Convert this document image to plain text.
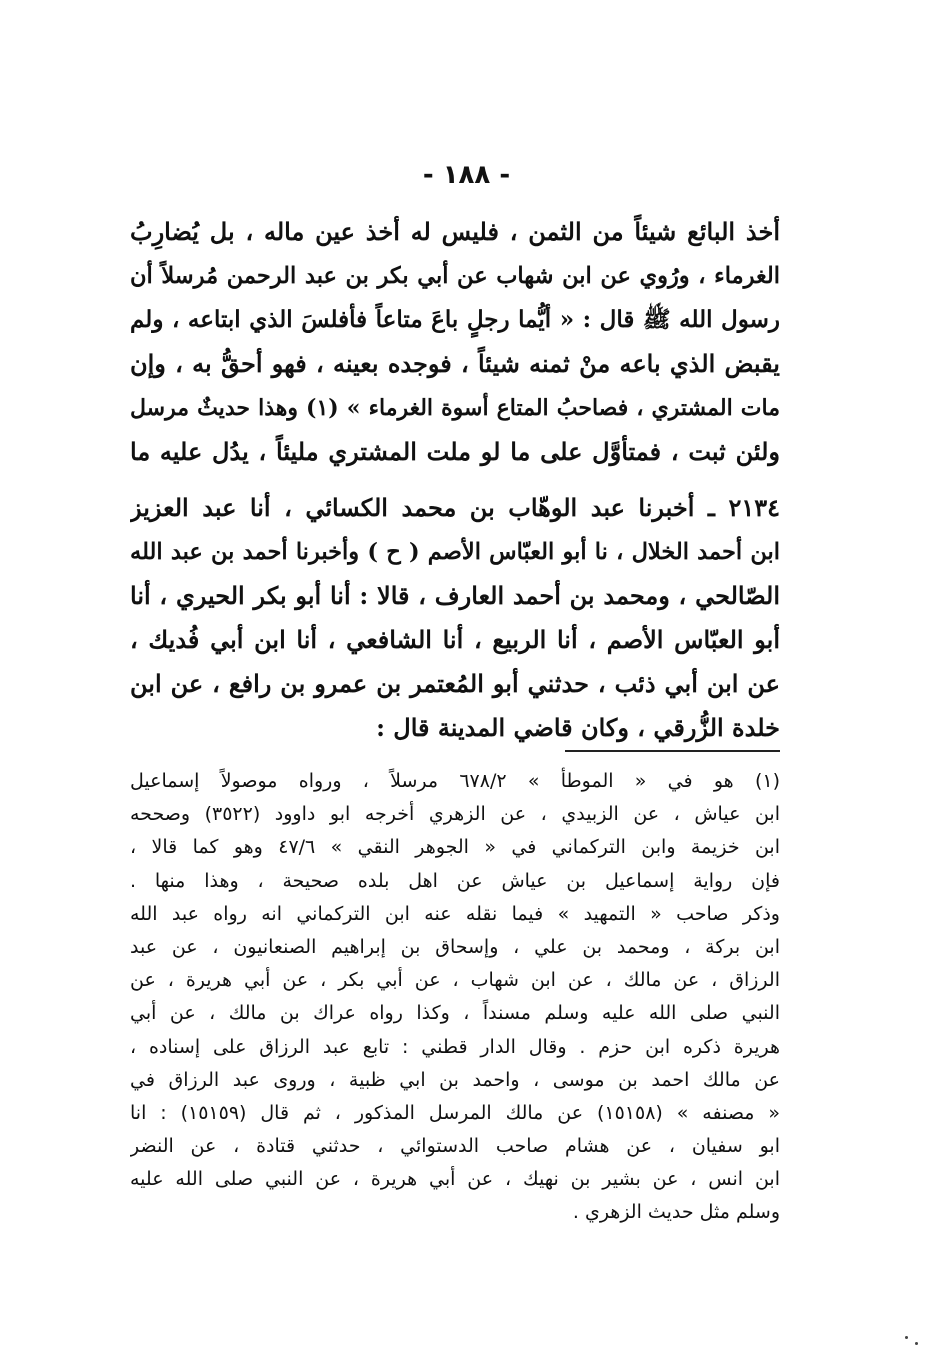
- ١٨٨ -
أخذ البائع شيئاً من الثمن ، فليس له أخذ عين ماله ، بل يُضارِبُ
الغرماء ، ورُوي عن ابن شهاب عن أبي بكر بن عبد الرحمن مُرسلاً أن
رسول الله ﷺ قال : « أيُّما رجلٍ باعَ متاعاً فأفلسَ الذي ابتاعه ، ولم
يقبض الذي باعه منْ ثمنه شيئاً ، فوجده بعينه ، فهو أحقُّ به ، وإن
مات المشتري ، فصاحبُ المتاع أسوة الغرماء » (١) وهذا حديثٌ مرسل
ولئن ثبت ، فمتأوَّل على ما لو ملت المشتري مليئاً ، يدُل عليه ما
٢١٣٤ ـ أخبرنا عبد الوهّاب بن محمد الكسائي ، أنا عبد العزيز
ابن أحمد الخلال ، نا أبو العبّاس الأصم ( ح ) وأخبرنا أحمد بن عبد الله
الصّالحي ، ومحمد بن أحمد العارف ، قالا : أنا أبو بكر الحيري ، أنا
أبو العبّاس الأصم ، أنا الربيع ، أنا الشافعي ، أنا ابن أبي فُديك ،
عن ابن أبي ذئب ، حدثني أبو المُعتمر بن عمرو بن رافع ، عن ابن
خلدة الزُّرقي ، وكان قاضي المدينة قال :
(١) هو في « الموطأ » ٦٧٨/٢ مرسلاً ، ورواه موصولاً إسماعيل
ابن عياش ، عن الزبيدي ، عن الزهري أخرجه ابو داوود (٣٥٢٢) وصححه
ابن خزيمة وابن التركماني في « الجوهر النقي » ٤٧/٦ وهو كما قالا ،
فإن رواية إسماعيل بن عياش عن اهل بلده صحيحة ، وهذا منها .
وذكر صاحب « التمهيد » فيما نقله عنه ابن التركماني انه رواه عبد الله
ابن بركة ، ومحمد بن علي ، وإسحاق بن إبراهيم الصنعانيون ، عن عبد
الرزاق ، عن مالك ، عن ابن شهاب ، عن أبي بكر ، عن أبي هريرة ، عن
النبي صلى الله عليه وسلم مسنداً ، وكذا رواه عراك بن مالك ، عن أبي
هريرة ذكره ابن حزم . وقال الدار قطني : تابع عبد الرزاق على إسناده ،
عن مالك احمد بن موسى ، واحمد بن ابي ظبية ، وروى عبد الرزاق في
« مصنفه » (١٥١٥٨) عن مالك المرسل المذكور ، ثم قال (١٥١٥٩) : انا
ابو سفيان ، عن هشام صاحب الدستوائي ، حدثني قتادة ، عن النضر
ابن انس ، عن بشير بن نهيك ، عن أبي هريرة ، عن النبي صلى الله عليه
وسلم مثل حديث الزهري .
